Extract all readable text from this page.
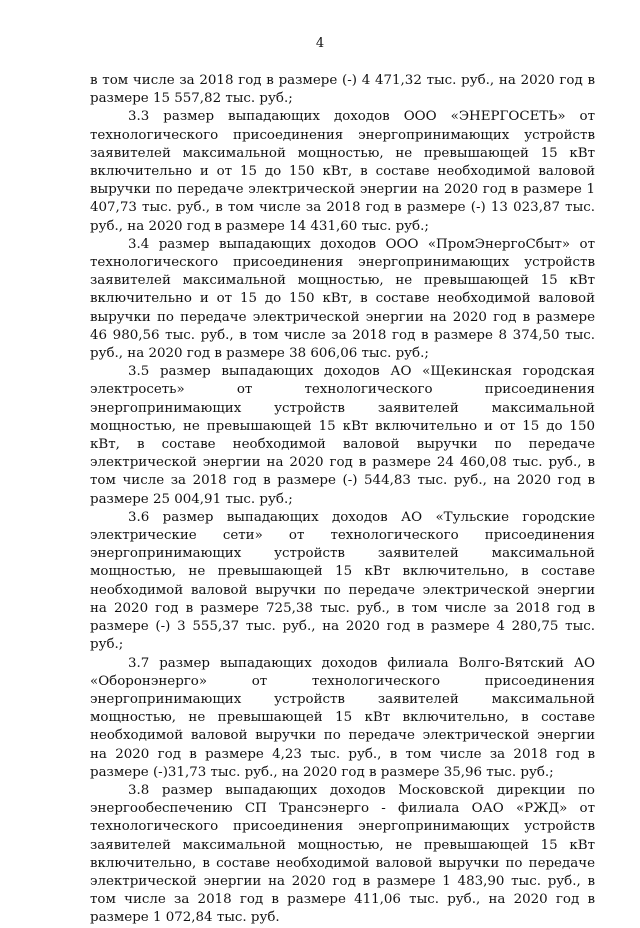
4

в том числе за 2018 год в размере (-) 4 471,32 тыс. руб., на 2020 год в размере 15 557,82 тыс. руб.;

3.3 размер выпадающих доходов ООО «ЭНЕРГОСЕТЬ» от технологического присоединения энергопринимающих устройств заявителей максимальной мощностью, не превышающей 15 кВт включительно и от 15 до 150 кВт, в составе необходимой валовой выручки по передаче электрической энергии на 2020 год в размере 1 407,73 тыс. руб., в том числе за 2018 год в размере (-) 13 023,87 тыс. руб., на 2020 год в размере 14 431,60 тыс. руб.;

3.4 размер выпадающих доходов ООО «ПромЭнергоСбыт» от технологического присоединения энергопринимающих устройств заявителей максимальной мощностью, не превышающей 15 кВт включительно и от 15 до 150 кВт, в составе необходимой валовой выручки по передаче электрической энергии на 2020 год в размере 46 980,56 тыс. руб., в том числе за 2018 год в размере 8 374,50 тыс. руб., на 2020 год в размере 38 606,06 тыс. руб.;

3.5 размер выпадающих доходов АО «Щекинская городская электросеть» от технологического присоединения энергопринимающих устройств заявителей максимальной мощностью, не превышающей 15 кВт включительно и от 15 до 150 кВт, в составе необходимой валовой выручки по передаче электрической энергии на 2020 год в размере 24 460,08 тыс. руб., в том числе за 2018 год в размере (-) 544,83 тыс. руб., на 2020 год в размере 25 004,91 тыс. руб.;

3.6 размер выпадающих доходов АО «Тульские городские электрические сети» от технологического присоединения энергопринимающих устройств заявителей максимальной мощностью, не превышающей 15 кВт включительно, в составе необходимой валовой выручки по передаче электрической энергии на 2020 год в размере 725,38 тыс. руб., в том числе за 2018 год в размере (-) 3 555,37 тыс. руб., на 2020 год в размере 4 280,75 тыс. руб.;

3.7 размер выпадающих доходов филиала Волго-Вятский АО «Оборонэнерго» от технологического присоединения энергопринимающих устройств заявителей максимальной мощностью, не превышающей 15 кВт включительно, в составе необходимой валовой выручки по передаче электрической энергии на 2020 год в размере 4,23 тыс. руб., в том числе за 2018 год в размере (-)31,73 тыс. руб., на 2020 год в размере 35,96 тыс. руб.;

3.8 размер выпадающих доходов Московской дирекции по энергообеспечению СП Трансэнерго - филиала ОАО «РЖД» от технологического присоединения энергопринимающих устройств заявителей максимальной мощностью, не превышающей 15 кВт включительно, в составе необходимой валовой выручки по передаче электрической энергии на 2020 год в размере 1 483,90 тыс. руб., в том числе за 2018 год в размере 411,06 тыс. руб., на 2020 год в размере 1 072,84 тыс. руб.
